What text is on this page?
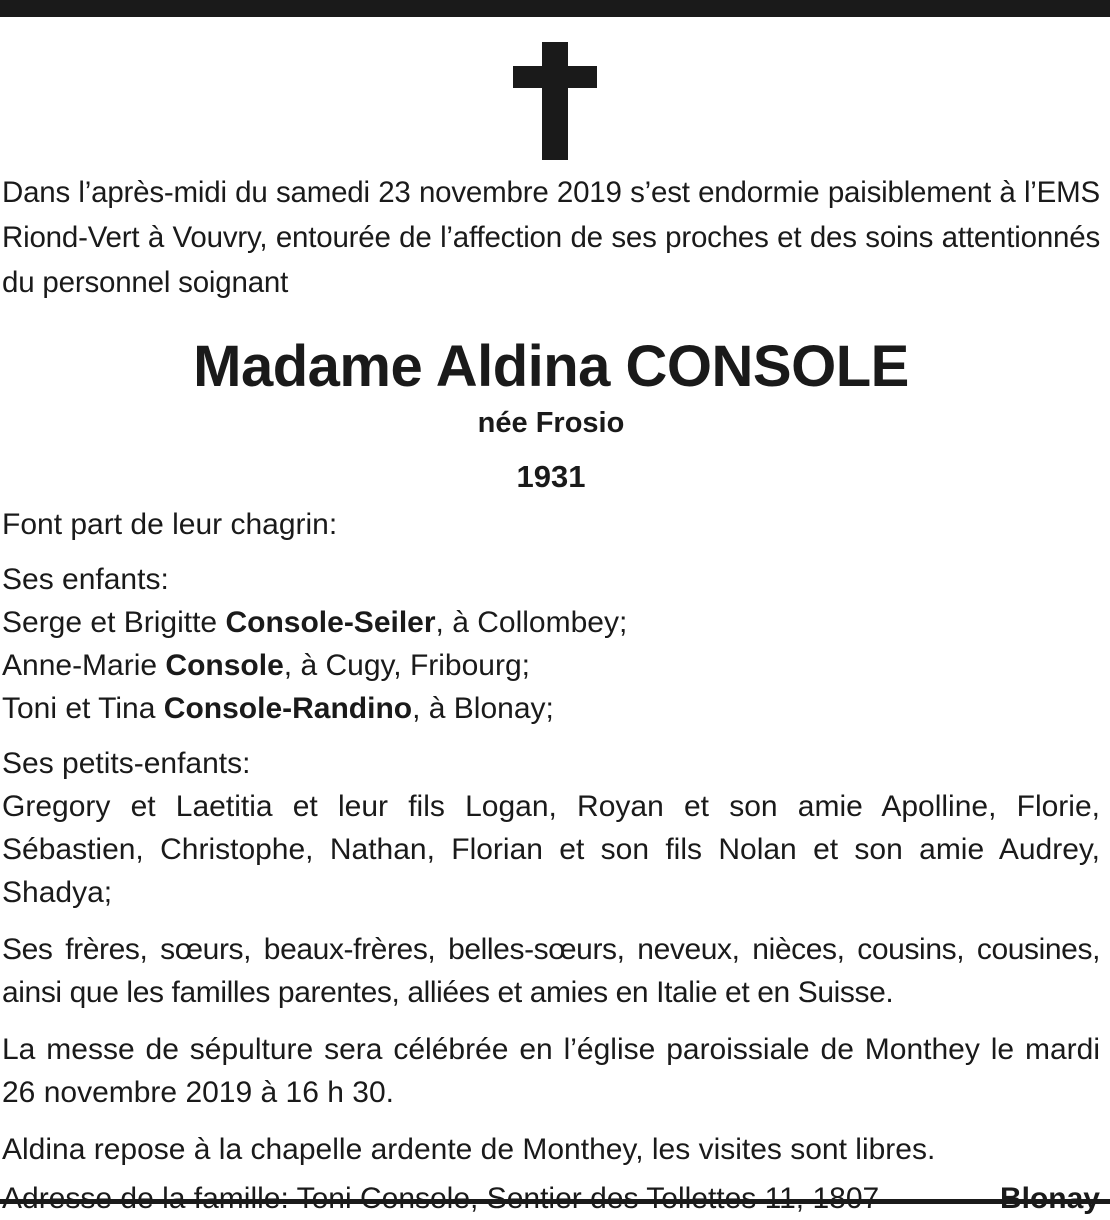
Dans l’après-midi du samedi 23 novembre 2019 s’est endormie paisiblement à l’EMS Riond-Vert à Vouvry, entourée de l’affection de ses proches et des soins attentionnés du personnel soignant

Madame Aldina CONSOLE
née Frosio
1931

Font part de leur chagrin:

Ses enfants:

Serge et Brigitte Console-Seiler, à Collombey;

Anne-Marie Console, à Cugy, Fribourg;

Toni et Tina Console-Randino, à Blonay;

Ses petits-enfants:

Gregory et Laetitia et leur fils Logan, Royan et son amie Apolline, Florie, Sébastien, Christophe, Nathan, Florian et son fils Nolan et son amie Audrey, Shadya;

Ses frères, sœurs, beaux-frères, belles-sœurs, neveux, nièces, cousins, cousines, ainsi que les familles parentes, alliées et amies en Italie et en Suisse.

La messe de sépulture sera célébrée en l’église paroissiale de Monthey le mardi 26 novembre 2019 à 16 h 30.

Aldina repose à la chapelle ardente de Monthey, les visites sont libres.
